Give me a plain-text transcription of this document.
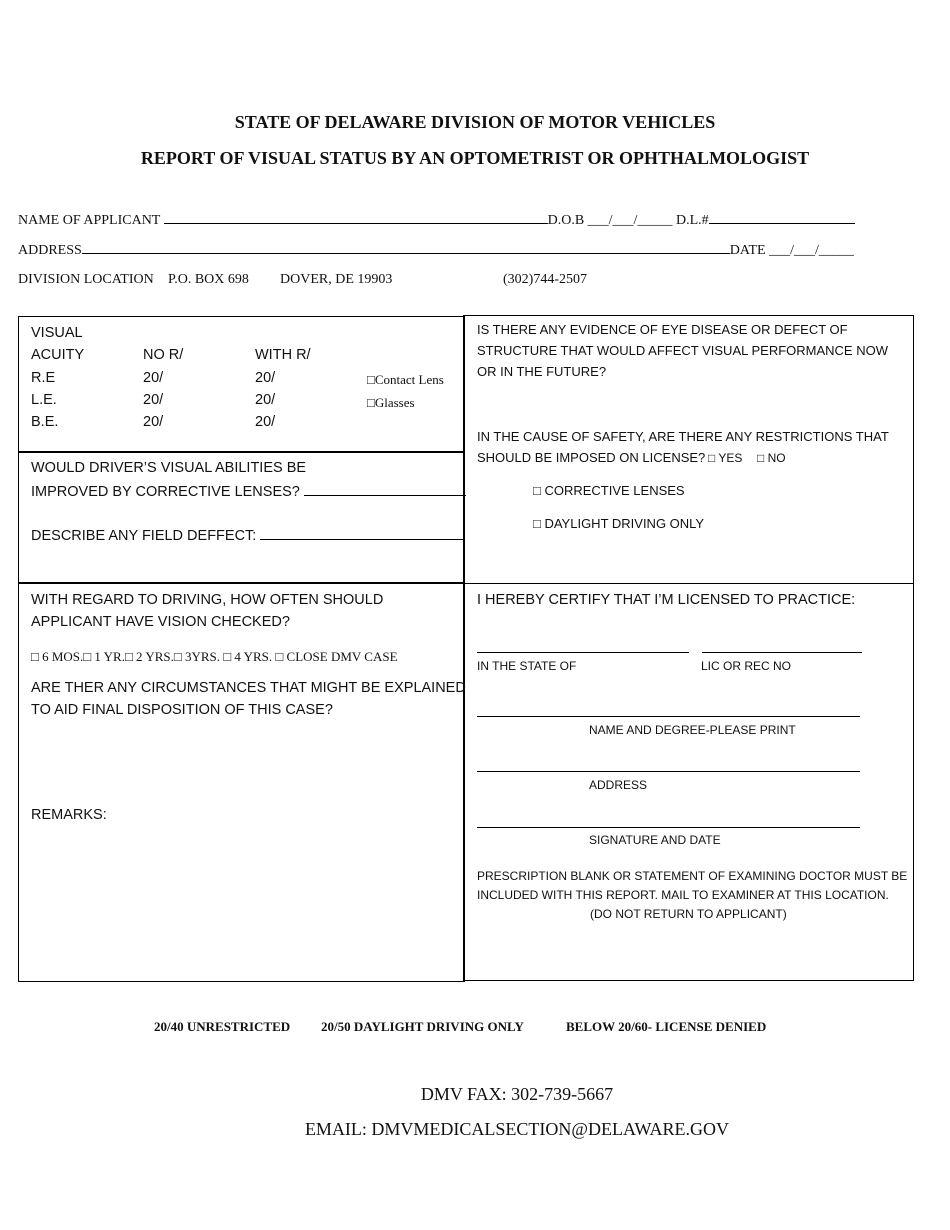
STATE OF DELAWARE DIVISION OF MOTOR VEHICLES
REPORT OF VISUAL STATUS BY AN OPTOMETRIST OR OPHTHALMOLOGIST
NAME OF APPLICANT	D.O.B ___/___/_____ D.L.#
ADDRESS	DATE ___/___/_____
DIVISION LOCATION P.O. BOX 698 DOVER, DE 19903	(302)744-2507
VISUAL
ACUITY	NO R/	WITH R/
R.E	20/	20/
L.E.	20/	20/
B.E.	20/	20/
□Contact Lens
□Glasses
WOULD DRIVER’S VISUAL ABILITIES BE
IMPROVED BY CORRECTIVE LENSES?
DESCRIBE ANY FIELD DEFFECT:
IS THERE ANY EVIDENCE OF EYE DISEASE OR DEFECT OF
STRUCTURE THAT WOULD AFFECT VISUAL PERFORMANCE NOW
OR IN THE FUTURE?
IN THE CAUSE OF SAFETY, ARE THERE ANY RESTRICTIONS THAT
SHOULD BE IMPOSED ON LICENSE? □ YES □ NO
□ CORRECTIVE LENSES
□ DAYLIGHT DRIVING ONLY
WITH REGARD TO DRIVING, HOW OFTEN SHOULD
APPLICANT HAVE VISION CHECKED?
□ 6 MOS.□ 1 YR.□ 2 YRS.□ 3YRS. □ 4 YRS. □ CLOSE DMV CASE
ARE THER ANY CIRCUMSTANCES THAT MIGHT BE EXPLAINED
TO AID FINAL DISPOSITION OF THIS CASE?
REMARKS:
I HEREBY CERTIFY THAT I’M LICENSED TO PRACTICE:
IN THE STATE OF	LIC OR REC NO
NAME AND DEGREE-PLEASE PRINT
ADDRESS
SIGNATURE AND DATE
PRESCRIPTION BLANK OR STATEMENT OF EXAMINING DOCTOR MUST BE
INCLUDED WITH THIS REPORT. MAIL TO EXAMINER AT THIS LOCATION.
(DO NOT RETURN TO APPLICANT)
20/40 UNRESTRICTED 20/50 DAYLIGHT DRIVING ONLY	BELOW 20/60- LICENSE DENIED
DMV FAX: 302-739-5667
EMAIL: DMVMEDICALSECTION@DELAWARE.GOV
